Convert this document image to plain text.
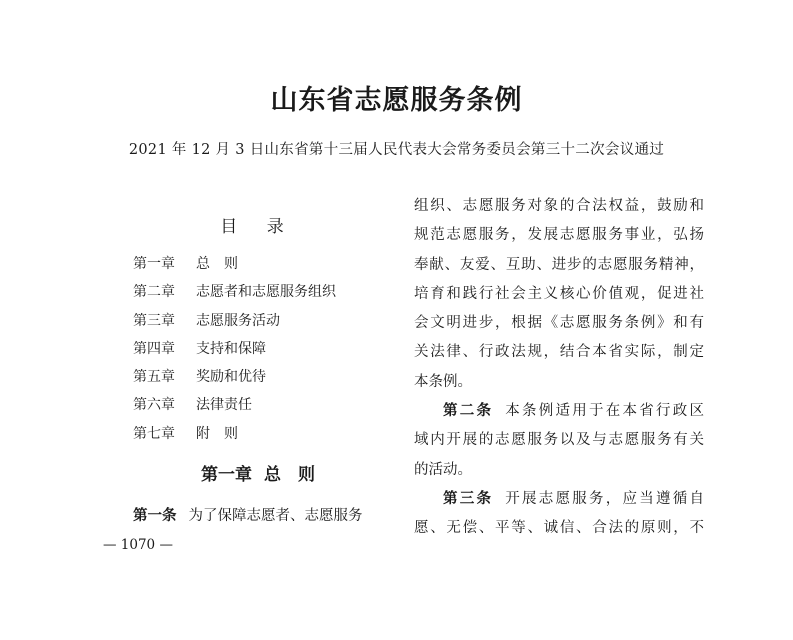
山东省志愿服务条例
2021 年 12 月 3 日山东省第十三届人民代表大会常务委员会第三十二次会议通过
目 录
第一章 总　则
第二章 志愿者和志愿服务组织
第三章 志愿服务活动
第四章 支持和保障
第五章 奖励和优待
第六章 法律责任
第七章 附　则
第一章 总　则
第一条 为了保障志愿者、志愿服务
— 1070 —
组织、志愿服务对象的合法权益，鼓励和
规范志愿服务，发展志愿服务事业，弘扬
奉献、友爱、互助、进步的志愿服务精神，
培育和践行社会主义核心价值观，促进社
会文明进步，根据《志愿服务条例》和有
关法律、行政法规，结合本省实际，制定
本条例。
第二条 本条例适用于在本省行政区
域内开展的志愿服务以及与志愿服务有关
的活动。
第三条 开展志愿服务，应当遵循自
愿、无偿、平等、诚信、合法的原则，不
